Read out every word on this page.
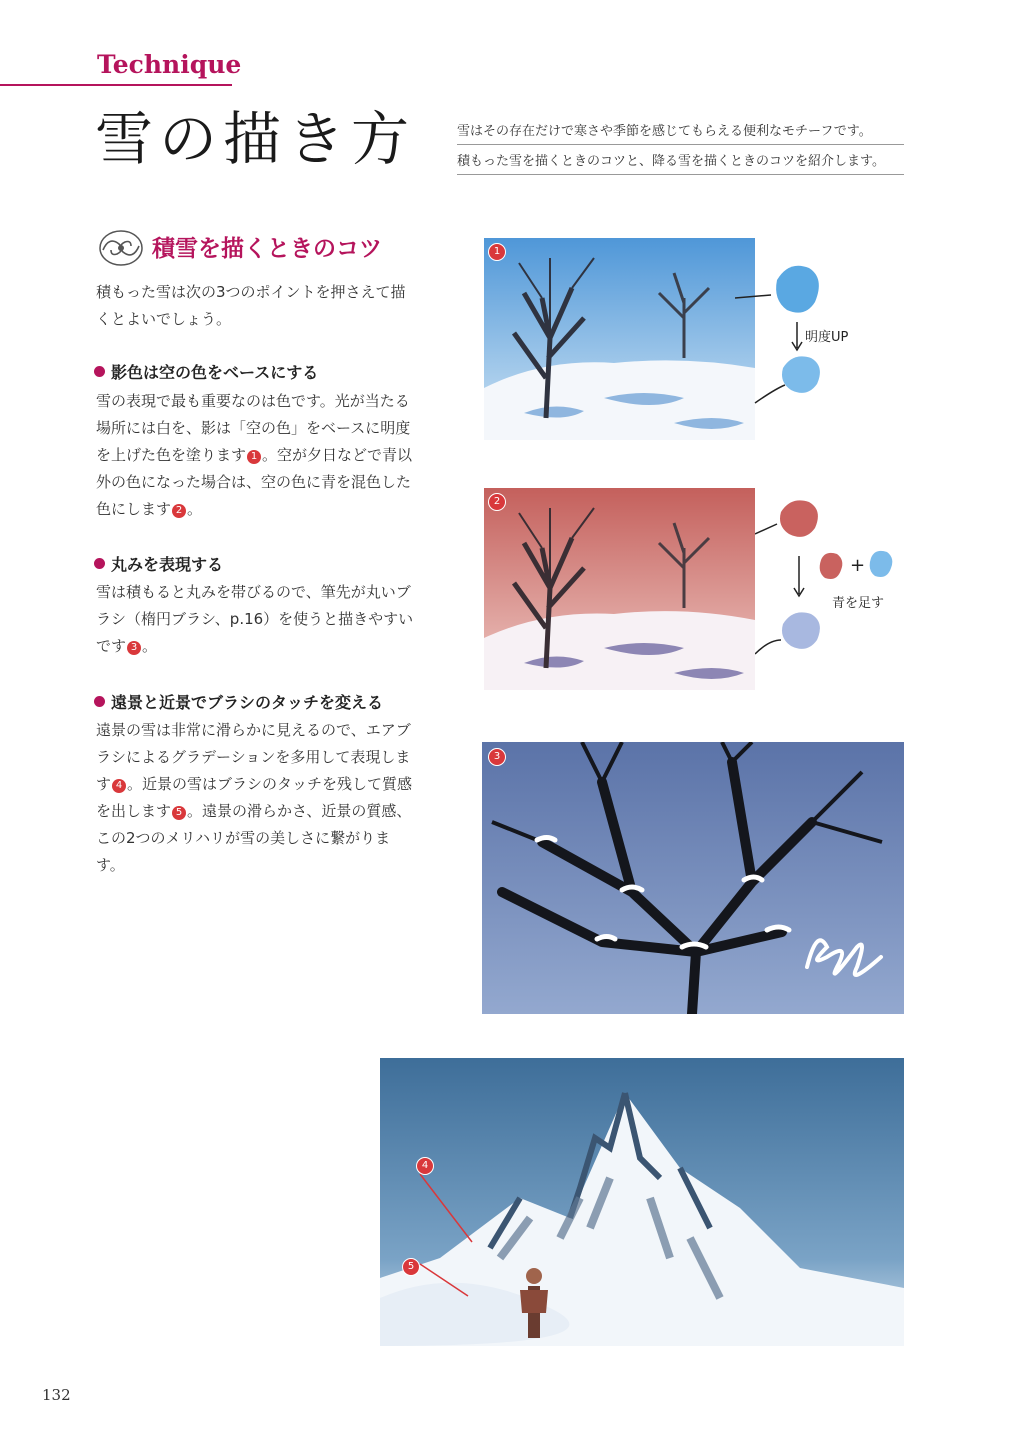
Technique
雪の描き方	雪はその存在だけで寒さや季節を感じてもらえる便利なモチーフです。
積もった雪を描くときのコツと、降る雪を描くときのコツを紹介します。
積雪を描くときのコツ
積もった雪は次の3つのポイントを押さえて描くとよいでしょう。
影色は空の色をベースにする
雪の表現で最も重要なのは色です。光が当たる場所には白を、影は「空の色」をベースに明度を上げた色を塗ります 1 。空が夕日などで青以外の色になった場合は、空の色に青を混色した色にします 2 。
丸みを表現する
雪は積もると丸みを帯びるので、筆先が丸いブラシ（楕円ブラシ、p.16）を使うと描きやすいです 3 。
遠景と近景でブラシのタッチを変える
遠景の雪は非常に滑らかに見えるので、エアブラシによるグラデーションを多用して表現します 4 。近景の雪はブラシのタッチを残して質感を出します 5 。遠景の滑らかさ、近景の質感、この2つのメリハリが雪の美しさに繋がります。
1
明度UP
2
+
青を足す
3
4
5
132
